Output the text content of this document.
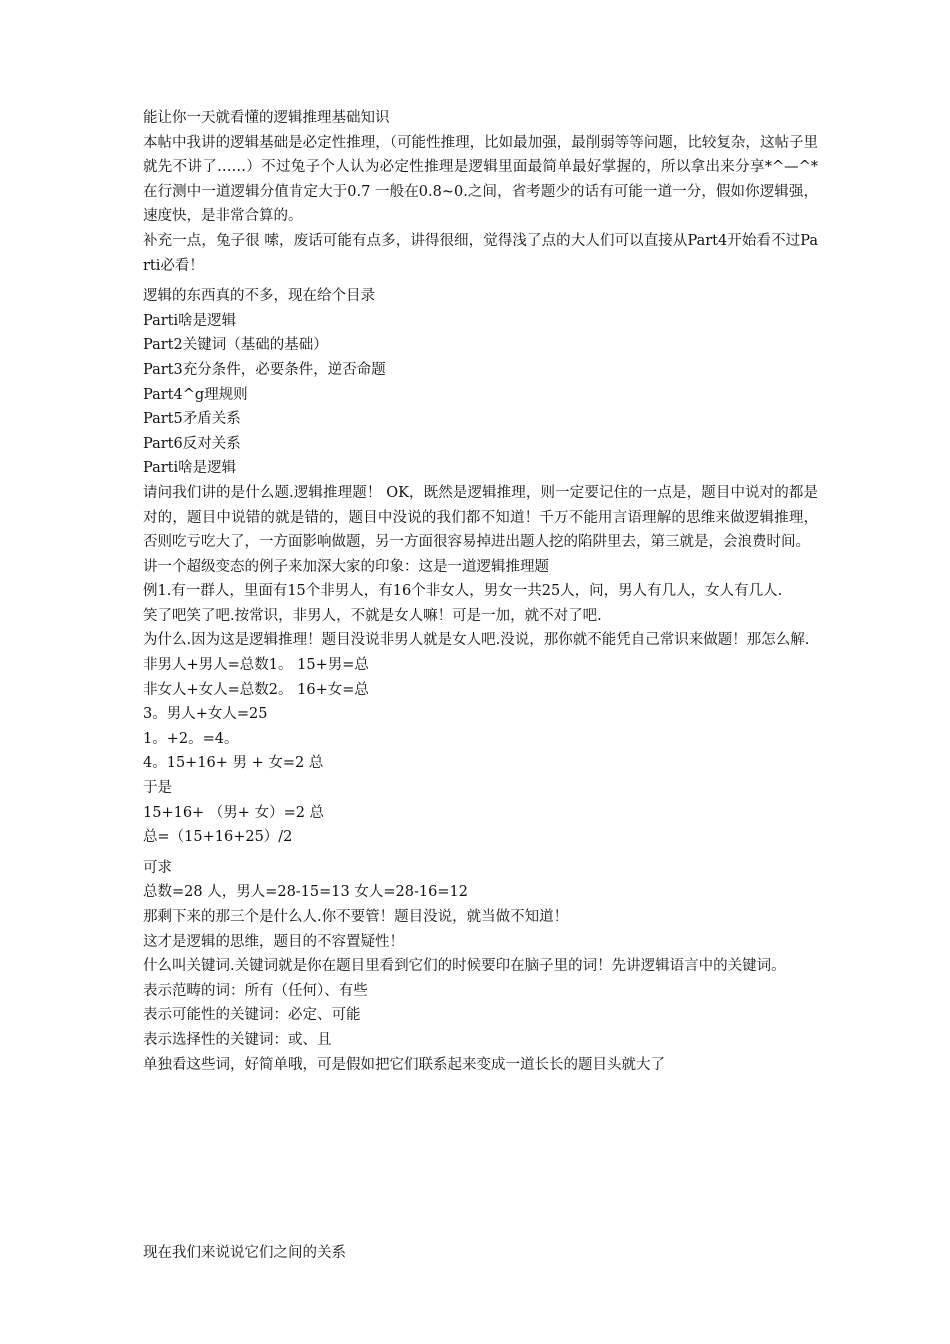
能让你一天就看懂的逻辑推理基础知识

本帖中我讲的逻辑基础是必定性推理，（可能性推理，比如最加强，最削弱等等问题，比较复杂，这帖子里就先不讲了……）不过兔子个人认为必定性推理是逻辑里面最简单最好掌握的，所以拿出来分享*^—^*在行测中一道逻辑分值肯定大于0.7 一般在0.8~0.之间，省考题少的话有可能一道一分，假如你逻辑强，速度快，是非常合算的。

补充一点，兔子很 嗦，废话可能有点多，讲得很细，觉得浅了点的大人们可以直接从Part4开始看不过Parti必看！

逻辑的东西真的不多，现在给个目录

Parti啥是逻辑

Part2关键词（基础的基础）

Part3充分条件，必要条件，逆否命题

Part4^g理规则

Part5矛盾关系

Part6反对关系

Parti啥是逻辑

请问我们讲的是什么题.逻辑推理题！ OK，既然是逻辑推理，则一定要记住的一点是，题目中说对的都是对的，题目中说错的就是错的，题目中没说的我们都不知道！千万不能用言语理解的思维来做逻辑推理，否则吃亏吃大了，一方面影响做题，另一方面很容易掉进出题人挖的陷阱里去，第三就是，会浪费时间。

讲一个超级变态的例子来加深大家的印象：这是一道逻辑推理题

例1.有一群人，里面有15个非男人，有16个非女人，男女一共25人，问，男人有几人，女人有几人.

笑了吧笑了吧.按常识，非男人，不就是女人嘛！可是一加，就不对了吧.

为什么.因为这是逻辑推理！题目没说非男人就是女人吧.没说，那你就不能凭自己常识来做题！那怎么解.

非男人+男人=总数1。 15+男=总

非女人+女人=总数2。 16+女=总

3。男人+女人=25

1。+2。=4。

4。15+16+ 男 + 女=2 总

于是

15+16+ （男+ 女）=2 总

总=（15+16+25）/2

可求

总数=28 人，男人=28-15=13 女人=28-16=12

那剩下来的那三个是什么人.你不要管！题目没说，就当做不知道！

这才是逻辑的思维，题目的不容置疑性！

什么叫关键词.关键词就是你在题目里看到它们的时候要印在脑子里的词！先讲逻辑语言中的关键词。

表示范畴的词：所有（任何）、有些

表示可能性的关键词：必定、可能

表示选择性的关键词：或、且

单独看这些词，好简单哦，可是假如把它们联系起来变成一道长长的题目头就大了

现在我们来说说它们之间的关系
